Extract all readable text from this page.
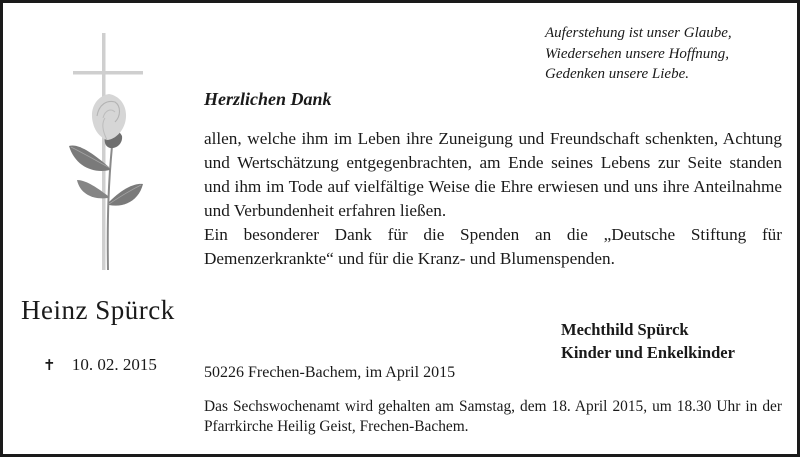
Auferstehung ist unser Glaube,
Wiedersehen unsere Hoffnung,
Gedenken unsere Liebe.
Heinz Spürck
✝ 10. 02. 2015
Herzlichen Dank

allen, welche ihm im Leben ihre Zuneigung und Freundschaft schenkten, Achtung und Wertschätzung entgegenbrachten, am Ende seines Lebens zur Seite standen und ihm im Tode auf vielfältige Weise die Ehre erwiesen und uns ihre Anteilnahme und Verbundenheit erfahren ließen.

Ein besonderer Dank für die Spenden an die „Deutsche Stiftung für Demenzerkrankte“ und für die Kranz- und Blumenspenden.

Mechthild Spürck
Kinder und Enkelkinder
50226 Frechen-Bachem, im April 2015
Das Sechswochenamt wird gehalten am Samstag, dem 18. April 2015, um 18.30 Uhr in der Pfarrkirche Heilig Geist, Frechen-Bachem.
